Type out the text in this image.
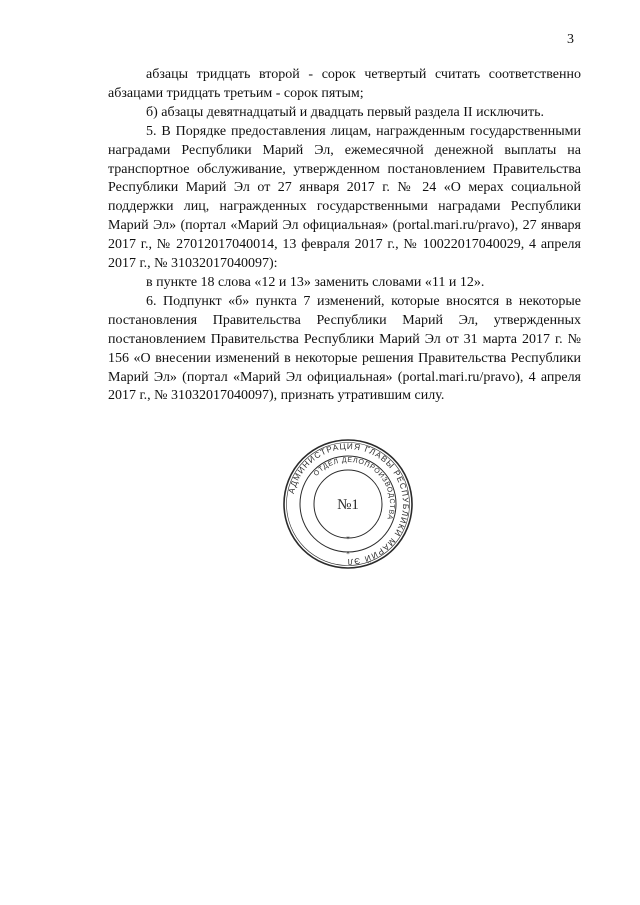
3

абзацы тридцать второй - сорок четвертый считать соответственно абзацами тридцать третьим - сорок пятым;

б) абзацы девятнадцатый и двадцать первый раздела II исключить.

5. В Порядке предоставления лицам, награжденным государственными наградами Республики Марий Эл, ежемесячной денежной выплаты на транспортное обслуживание, утвержденном постановлением Правительства Республики Марий Эл от 27 января 2017 г. № 24 «О мерах социальной поддержки лиц, награжденных государственными наградами Республики Марий Эл» (портал «Марий Эл официальная» (portal.mari.ru/pravo), 27 января 2017 г., № 27012017040014, 13 февраля 2017 г., № 10022017040029, 4 апреля 2017 г., № 31032017040097):

в пункте 18 слова «12 и 13» заменить словами «11 и 12».

6. Подпункт «б» пункта 7 изменений, которые вносятся в некоторые постановления Правительства Республики Марий Эл, утвержденных постановлением Правительства Республики Марий Эл от 31 марта 2017 г. № 156 «О внесении изменений в некоторые решения Правительства Республики Марий Эл» (портал «Марий Эл официальная» (portal.mari.ru/pravo), 4 апреля 2017 г., № 31032017040097), признать утратившим силу.

АДМИНИСТРАЦИЯ ГЛАВЫ РЕСПУБЛИКИ МАРИЙ ЭЛ
ОТДЕЛ ДЕЛОПРОИЗВОДСТВА
№1
*
*
